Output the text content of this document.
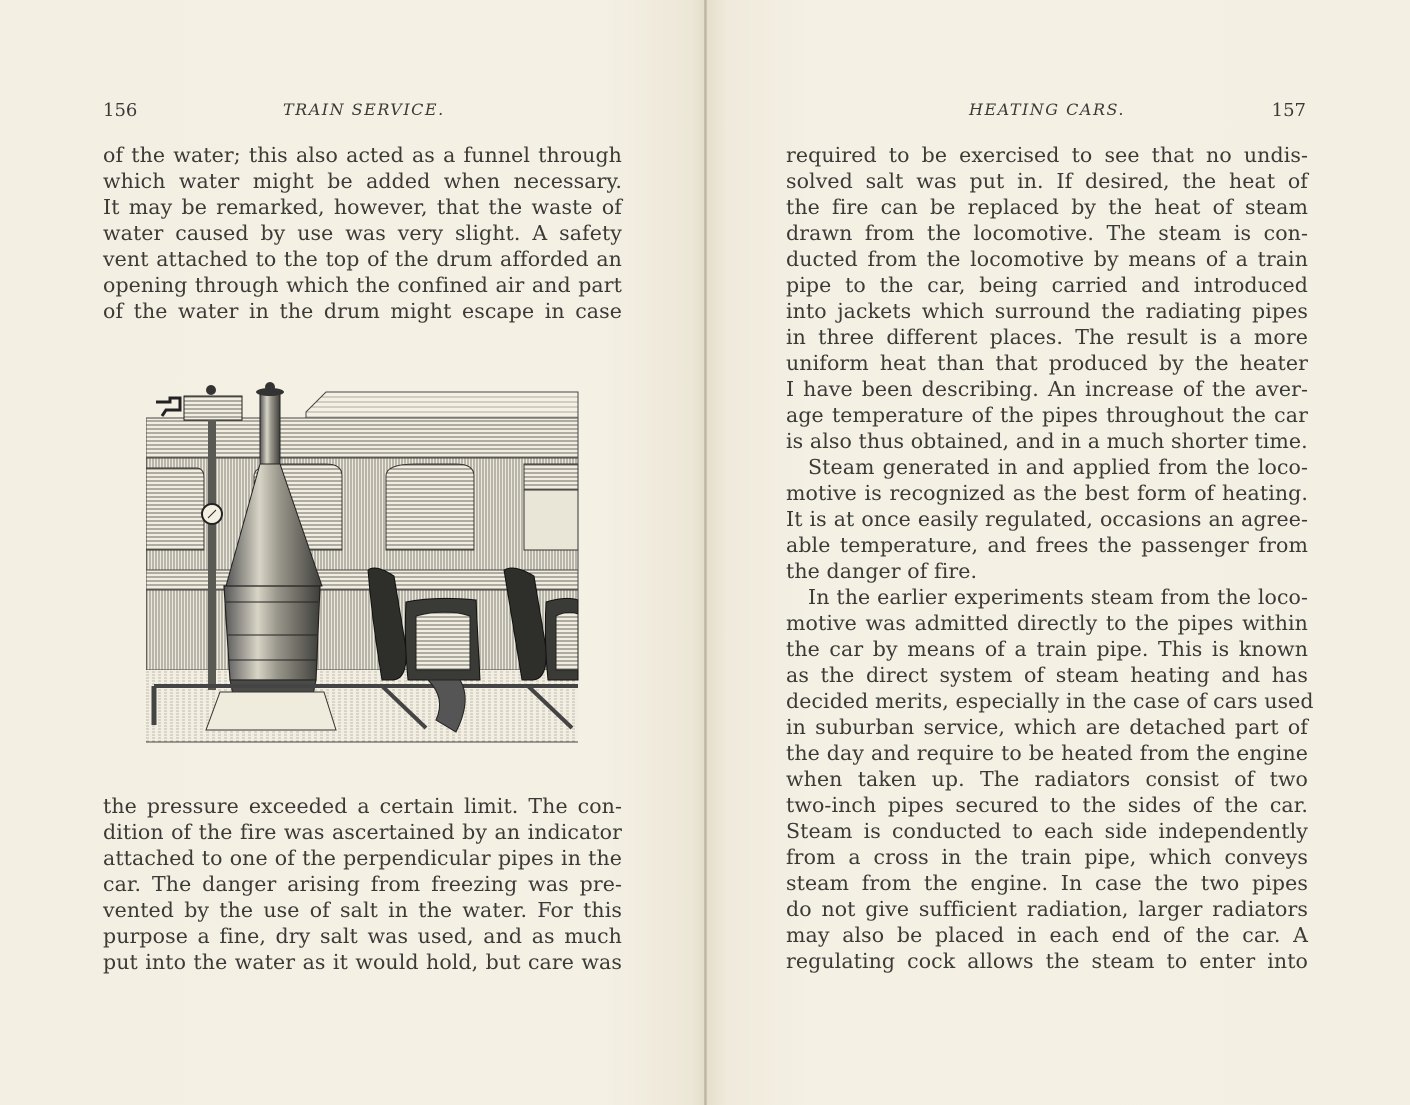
156	TRAIN SERVICE.
of the water; this also acted as a funnel through
which water might be added when necessary.
It may be remarked, however, that the waste of
water caused by use was very slight. A safety
vent attached to the top of the drum afforded an
opening through which the confined air and part
of the water in the drum might escape in case
the pressure exceeded a certain limit. The con-
dition of the fire was ascertained by an indicator
attached to one of the perpendicular pipes in the
car. The danger arising from freezing was pre-
vented by the use of salt in the water. For this
purpose a fine, dry salt was used, and as much
put into the water as it would hold, but care was
HEATING CARS.	157
required to be exercised to see that no undis-
solved salt was put in. If desired, the heat of
the fire can be replaced by the heat of steam
drawn from the locomotive. The steam is con-
ducted from the locomotive by means of a train
pipe to the car, being carried and introduced
into jackets which surround the radiating pipes
in three different places. The result is a more
uniform heat than that produced by the heater
I have been describing. An increase of the aver-
age temperature of the pipes throughout the car
is also thus obtained, and in a much shorter time.
Steam generated in and applied from the loco-
motive is recognized as the best form of heating.
It is at once easily regulated, occasions an agree-
able temperature, and frees the passenger from
the danger of fire.
In the earlier experiments steam from the loco-
motive was admitted directly to the pipes within
the car by means of a train pipe. This is known
as the direct system of steam heating and has
decided merits, especially in the case of cars used
in suburban service, which are detached part of
the day and require to be heated from the engine
when taken up. The radiators consist of two
two-inch pipes secured to the sides of the car.
Steam is conducted to each side independently
from a cross in the train pipe, which conveys
steam from the engine. In case the two pipes
do not give sufficient radiation, larger radiators
may also be placed in each end of the car. A
regulating cock allows the steam to enter into
